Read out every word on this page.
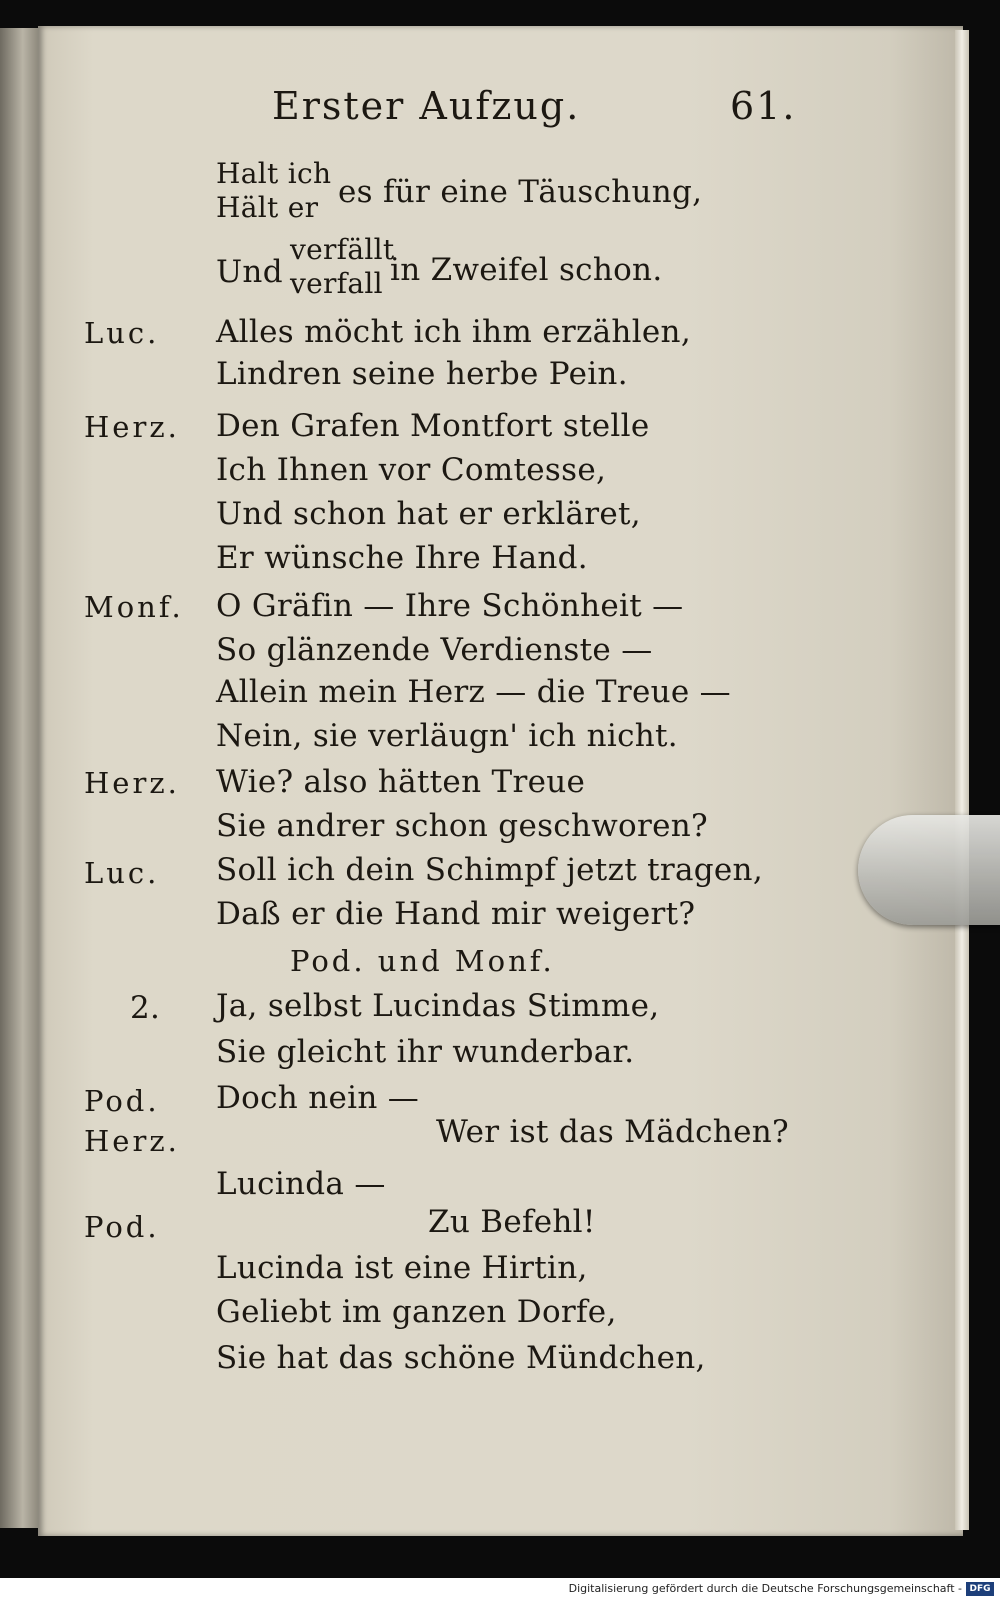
Erster Aufzug.	61.
Halt ich
Hält er es für eine Täuschung,
Und
verfällt
verfall in Zweifel schon.
Luc. Alles möcht ich ihm erzählen,
Lindren seine herbe Pein.
Herz. Den Grafen Montfort stelle
Ich Ihnen vor Comtesse,
Und schon hat er erkläret,
Er wünsche Ihre Hand.
Monf. O Gräfin — Ihre Schönheit —
So glänzende Verdienste —
Allein mein Herz — die Treue —
Nein, sie verläugn' ich nicht.
Herz. Wie? also hätten Treue
Sie andrer schon geschworen?
Luc. Soll ich dein Schimpf jetzt tragen,
Daß er die Hand mir weigert?
Pod. und Monf.
2. Ja, selbst Lucindas Stimme,
Sie gleicht ihr wunderbar.
Pod. Doch nein —
Herz.	Wer ist das Mädchen?
Lucinda —
Pod.	Zu Befehl!
Lucinda ist eine Hirtin,
Geliebt im ganzen Dorfe,
Sie hat das schöne Mündchen,
Digitalisierung gefördert durch die Deutsche Forschungsgemeinschaft - DFG
